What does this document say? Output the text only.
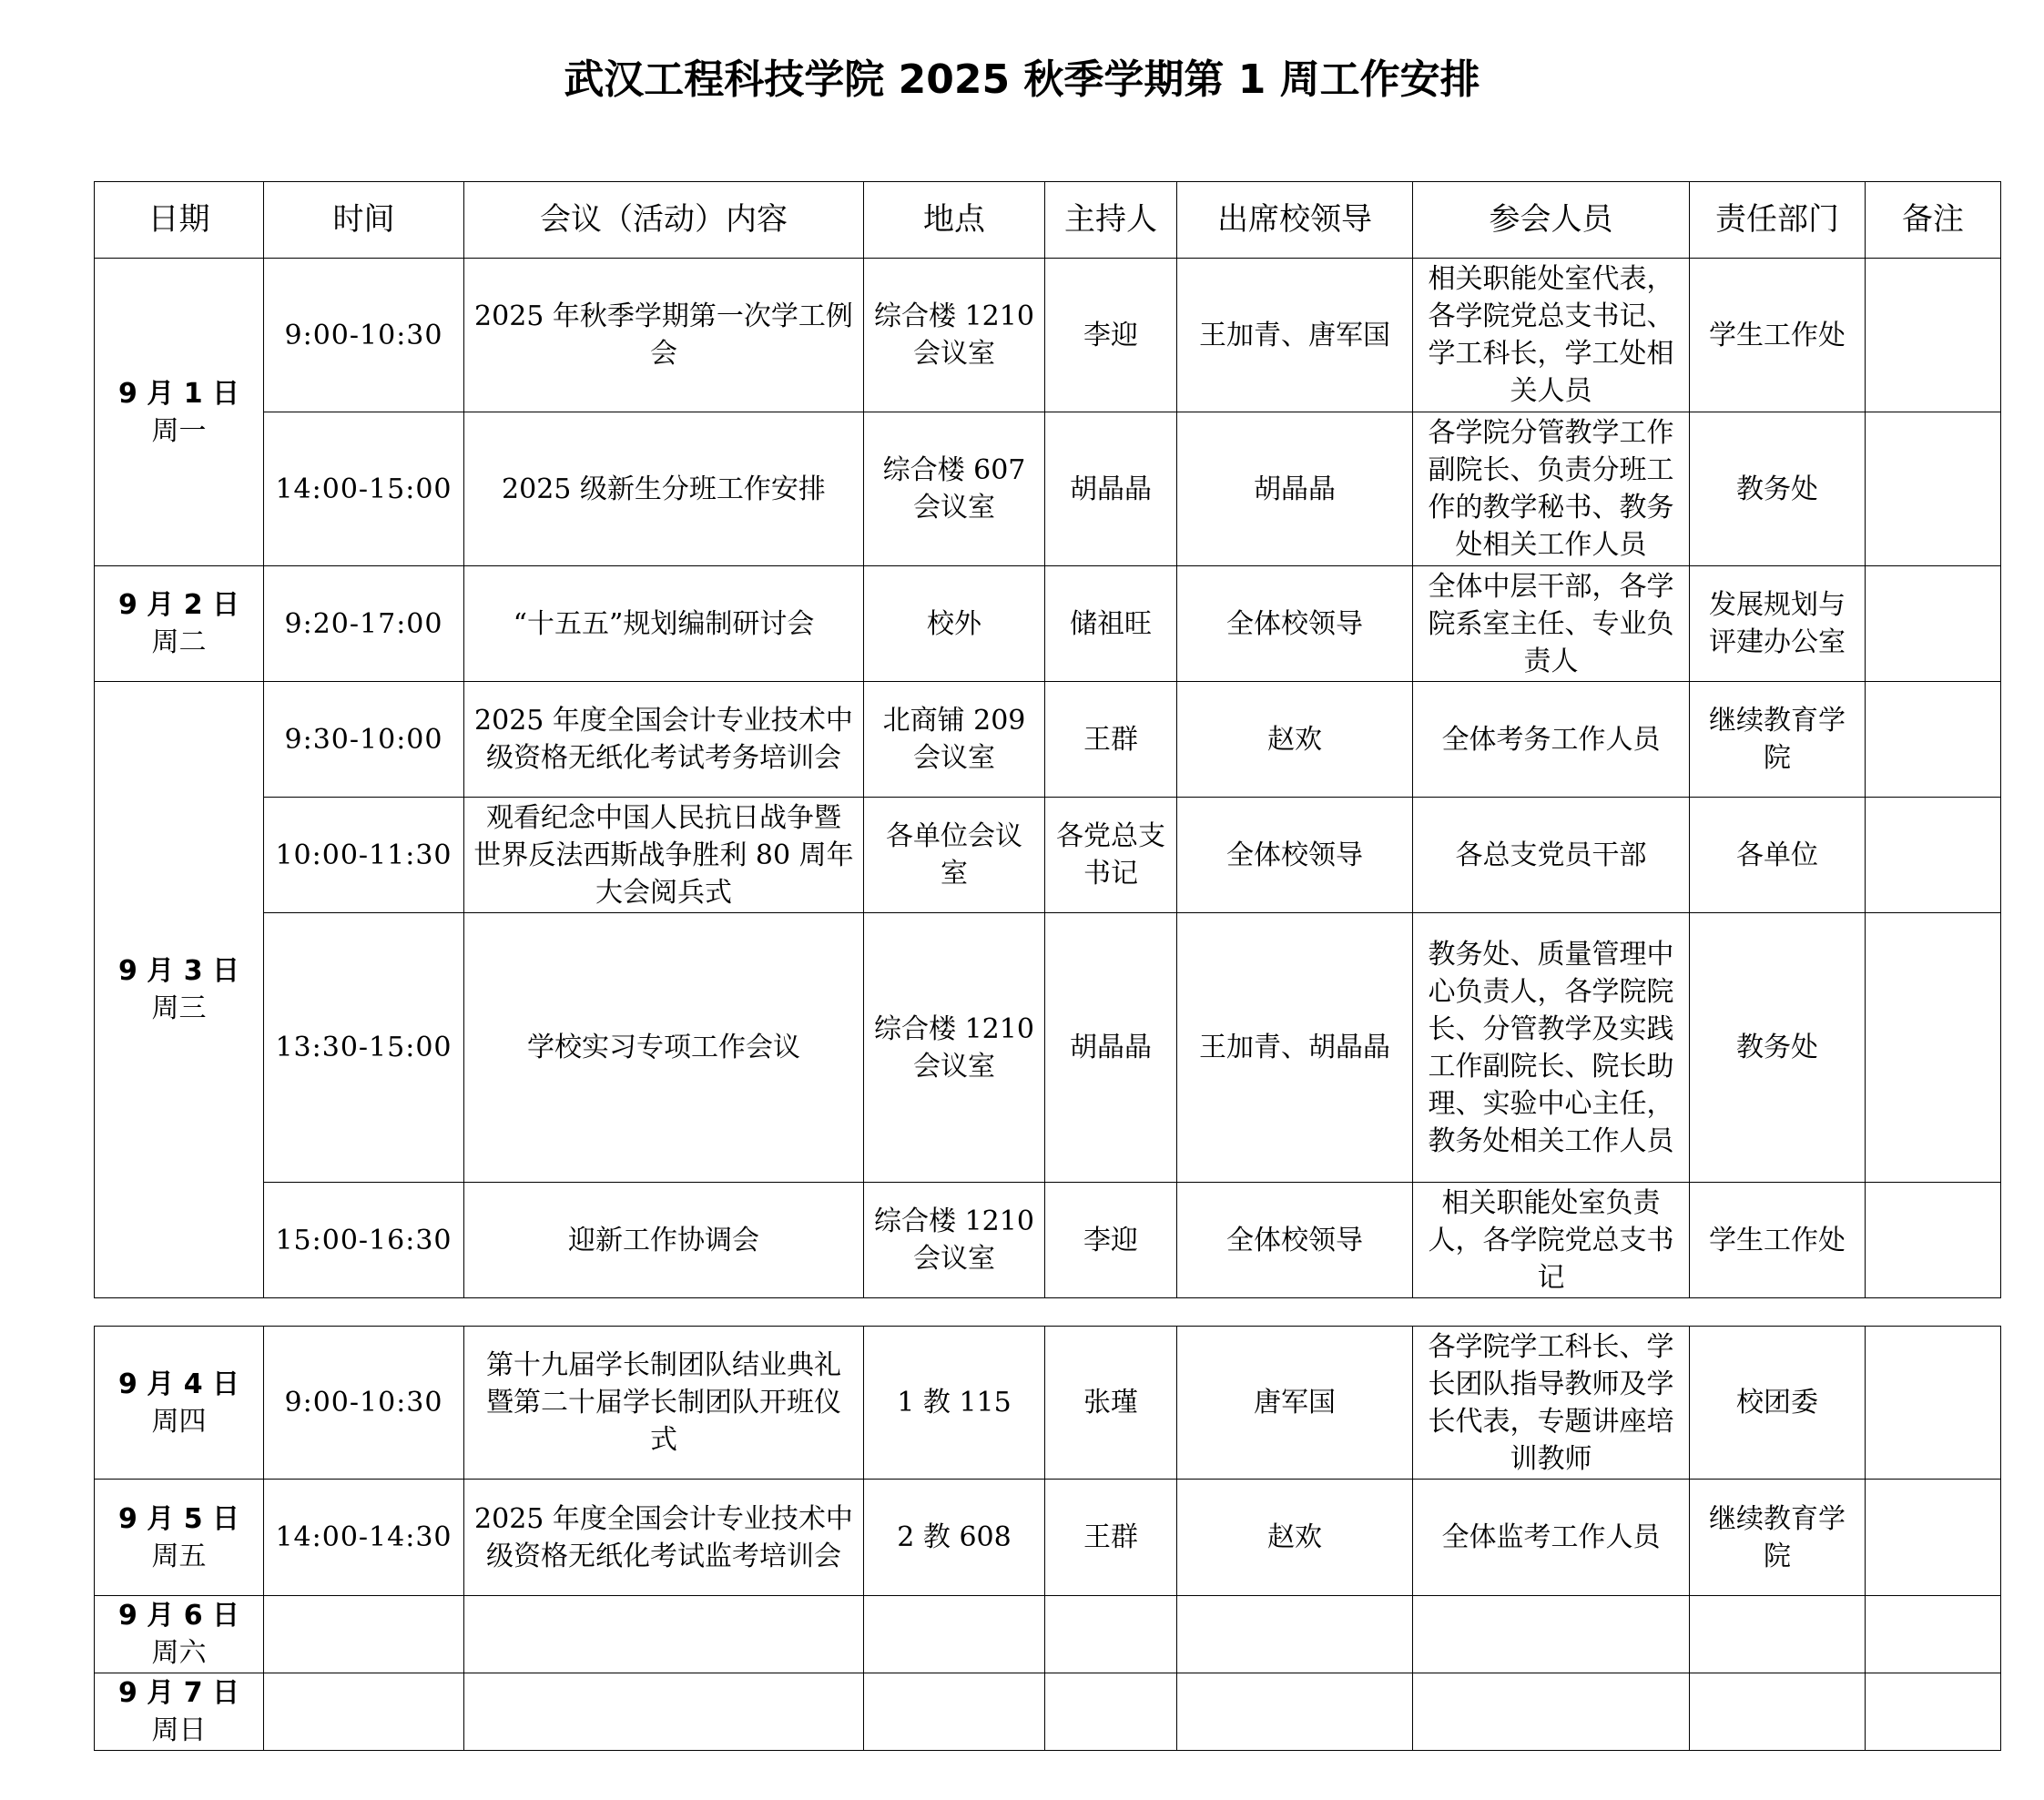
武汉工程科技学院 2025 秋季学期第 1 周工作安排
日期	时间	会议（活动）内容	地点	主持人	出席校领导	参会人员	责任部门	备注

9 月 1 日
周一	9:00-10:30	2025 年秋季学期第一次学工例会	综合楼 1210 会议室	李迎	王加青、唐军国	相关职能处室代表，各学院党总支书记、学工科长，学工处相关人员	学生工作处	
	14:00-15:00	2025 级新生分班工作安排	综合楼 607 会议室	胡晶晶	胡晶晶	各学院分管教学工作副院长、负责分班工作的教学秘书、教务处相关工作人员	教务处	

9 月 2 日
周二	9:20-17:00	“十五五”规划编制研讨会	校外	储祖旺	全体校领导	全体中层干部，各学院系室主任、专业负责人	发展规划与评建办公室	

9 月 3 日
周三	9:30-10:00	2025 年度全国会计专业技术中级资格无纸化考试考务培训会	北商铺 209 会议室	王群	赵欢	全体考务工作人员	继续教育学院	
	10:00-11:30	观看纪念中国人民抗日战争暨世界反法西斯战争胜利 80 周年大会阅兵式	各单位会议室	各党总支书记	全体校领导	各总支党员干部	各单位	
	13:30-15:00	学校实习专项工作会议	综合楼 1210 会议室	胡晶晶	王加青、胡晶晶	教务处、质量管理中心负责人，各学院院长、分管教学及实践工作副院长、院长助理、实验中心主任，教务处相关工作人员	教务处	
	15:00-16:30	迎新工作协调会	综合楼 1210 会议室	李迎	全体校领导	相关职能处室负责人，各学院党总支书记	学生工作处	
9 月 4 日
周四	9:00-10:30	第十九届学长制团队结业典礼暨第二十届学长制团队开班仪式	1 教 115	张瑾	唐军国	各学院学工科长、学长团队指导教师及学长代表，专题讲座培训教师	校团委	

9 月 5 日
周五	14:00-14:30	2025 年度全国会计专业技术中级资格无纸化考试监考培训会	2 教 608	王群	赵欢	全体监考工作人员	继续教育学院	

9 月 6 日
周六								

9 月 7 日
周日								
